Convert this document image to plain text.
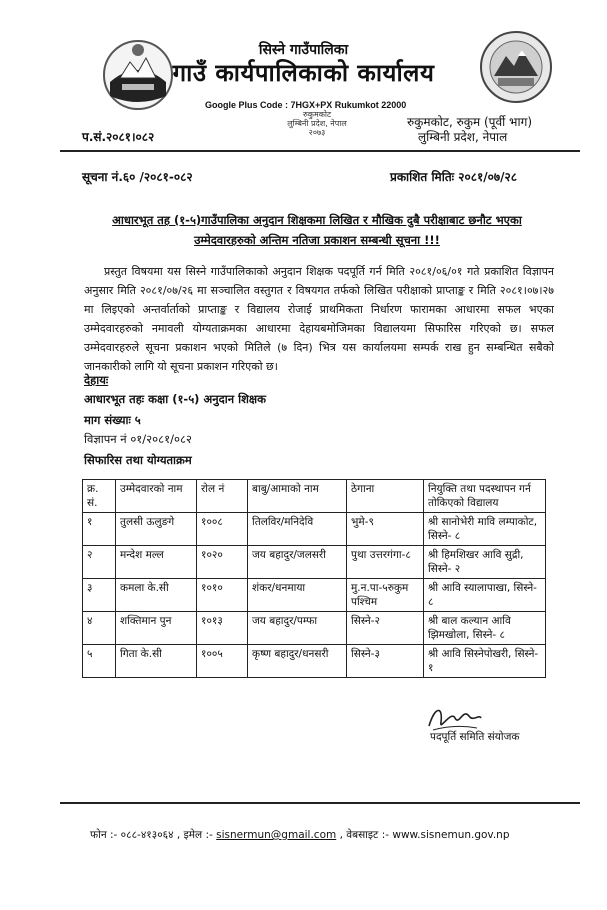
सिस्ने गाउँपालिका
गाउँ कार्यपालिकाको कार्यालय
Google Plus Code : 7HGX+PX Rukumkot 22000
रुकुमकोट
लुम्बिनी प्रदेश, नेपाल
२०७३
रुकुमकोट, रुकुम (पूर्वी भाग)
लुम्बिनी प्रदेश, नेपाल
प.सं.२०८१।०८२
सूचना नं.६० /२०८१-०८२	प्रकाशित मितिः २०८१/०७/२८
आधारभूत तह (१-५)गाउँपालिका अनुदान शिक्षकमा लिखित र मौखिक दुबै परीक्षाबाट छनौट भएका
उम्मेदवारहरुको अन्तिम नतिजा प्रकाशन सम्बन्धी सूचना !!!
प्रस्तुत विषयमा यस सिस्ने गाउँपालिकाको अनुदान शिक्षक पदपूर्ति गर्न मिति २०८१/०६/०१ गते प्रकाशित विज्ञापन अनुसार मिति २०८१/०७/२६ मा सञ्चालित वस्तुगत र विषयगत तर्फको लिखित परीक्षाको प्राप्ताङ्क र मिति २०८१।०७।२७ मा लिइएको अन्तर्वार्ताको प्राप्ताङ्क र विद्यालय रोजाई प्राथमिकता निर्धारण फारामका आधारमा सफल भएका उम्मेदवारहरुको नमावली योग्यताक्रमका आधारमा देहायबमोजिमका विद्यालयमा सिफारिस गरिएको छ। सफल उम्मेदवारहरुले सूचना प्रकाशन भएको मितिले (७ दिन) भित्र यस कार्यालयमा सम्पर्क राख हुन सम्बन्धित सबैको जानकारीको लागि यो सूचना प्रकाशन गरिएको छ।
देहायः
आधारभूत तहः कक्षा (१-५) अनुदान शिक्षक
माग संख्याः ५
विज्ञापन नं ०१/२०८१/०८२
सिफारिस तथा योग्यताक्रम
क्र. सं.	उम्मेदवारको नाम	रोल नं	बाबु/आमाको नाम	ठेगाना	नियुक्ति तथा पदस्थापन गर्न तोकिएको विद्यालय
१	तुलसी ऊलुङगे	१००८	तिलविर/मनिदेवि	भुमे-९	श्री सानोभेरी मावि लम्पाकोट, सिस्ने- ८
२	मन्देश मल्ल	१०२०	जय बहादुर/जलसरी	पुथा उत्तरगंगा-८	श्री हिमशिखर आवि सुद्री, सिस्ने- २
३	कमला के.सी	१०१०	शंकर/धनमाया	मु.न.पा-५रुकुम पश्चिम	श्री आवि स्यालापाखा, सिस्ने- ८
४	शक्तिमान पुन	१०१३	जय बहादुर/पम्फा	सिस्ने-२	श्री बाल कल्यान आवि झिमखोला, सिस्ने- ८
५	गिता के.सी	१००५	कृष्ण बहादुर/धनसरी	सिस्ने-३	श्री आवि सिस्नेपोखरी, सिस्ने- १
पदपूर्ति समिति संयोजक
फोन :- ०८८-४१३०६४ , इमेल :- sisnermun@gmail.com , वेबसाइट :- www.sisnemun.gov.np
